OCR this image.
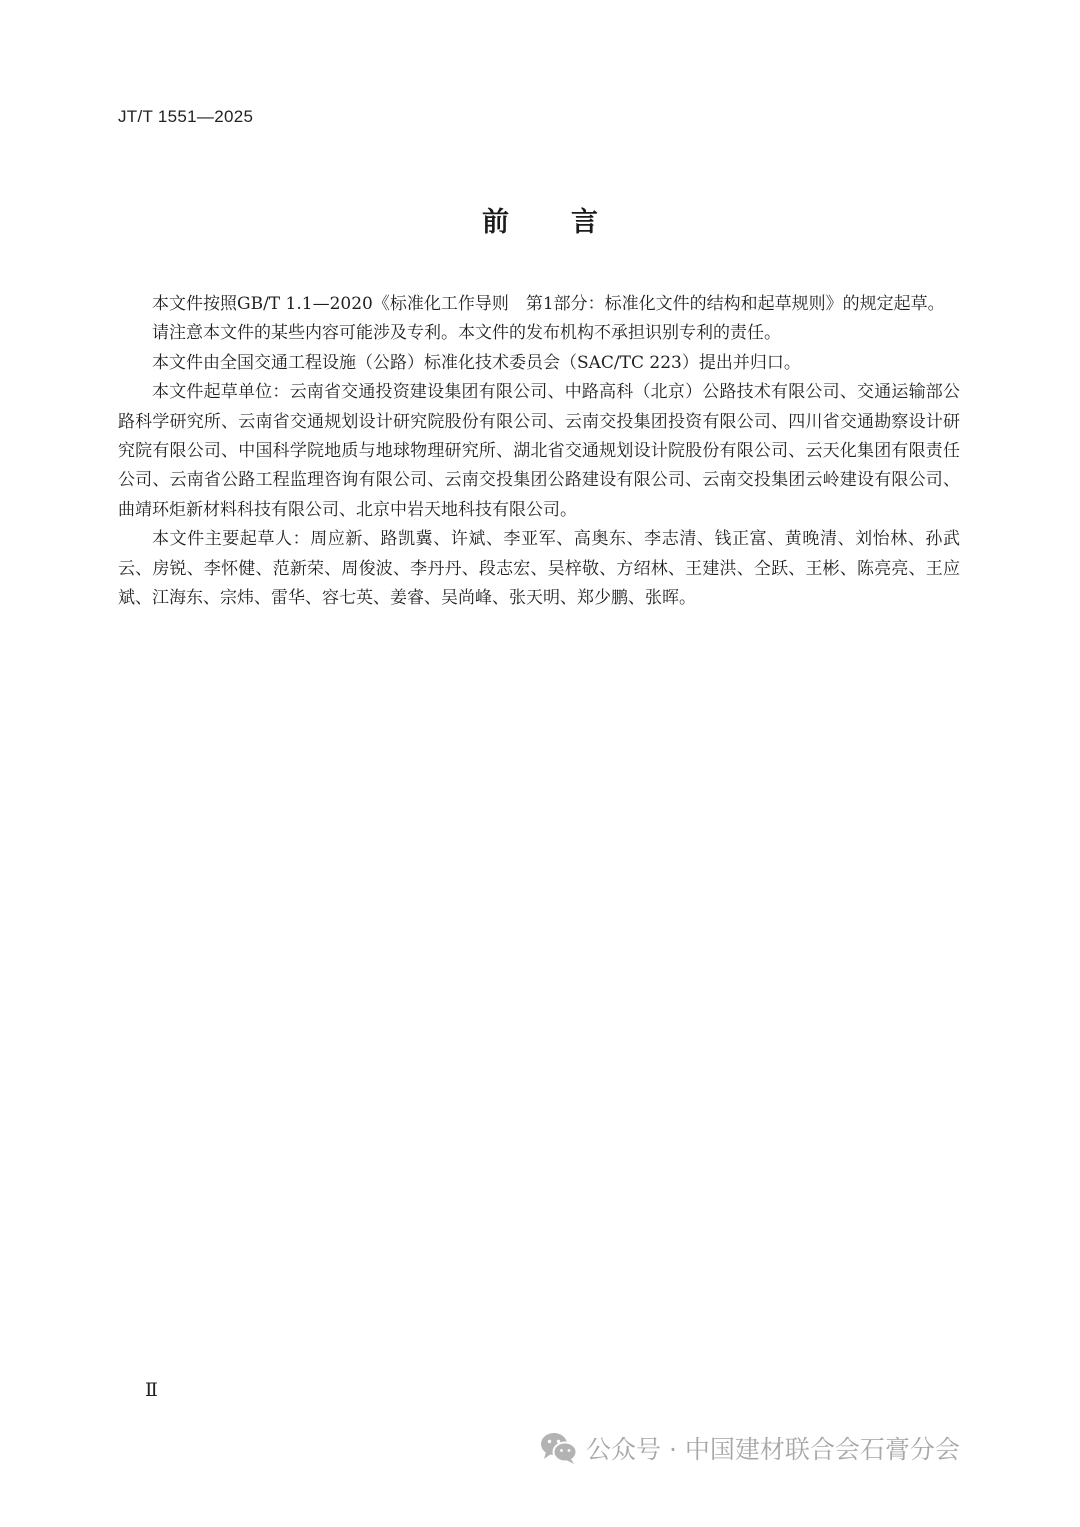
JT/T 1551—2025
前言

本文件按照GB/T 1.1—2020《标准化工作导则　第1部分：标准化文件的结构和起草规则》的规定起草。

请注意本文件的某些内容可能涉及专利。本文件的发布机构不承担识别专利的责任。

本文件由全国交通工程设施（公路）标准化技术委员会（SAC/TC 223）提出并归口。

本文件起草单位：云南省交通投资建设集团有限公司、中路高科（北京）公路技术有限公司、交通运输部公路科学研究所、云南省交通规划设计研究院股份有限公司、云南交投集团投资有限公司、四川省交通勘察设计研究院有限公司、中国科学院地质与地球物理研究所、湖北省交通规划设计院股份有限公司、云天化集团有限责任公司、云南省公路工程监理咨询有限公司、云南交投集团公路建设有限公司、云南交投集团云岭建设有限公司、曲靖环炬新材料科技有限公司、北京中岩天地科技有限公司。

本文件主要起草人：周应新、路凯冀、许斌、李亚军、高奥东、李志清、钱正富、黄晚清、刘怡林、孙武云、房锐、李怀健、范新荣、周俊波、李丹丹、段志宏、吴梓敬、方绍林、王建洪、仝跃、王彬、陈亮亮、王应斌、江海东、宗炜、雷华、容七英、姜睿、吴尚峰、张天明、郑少鹏、张晖。

Ⅱ
公众号 · 中国建材联合会石膏分会
